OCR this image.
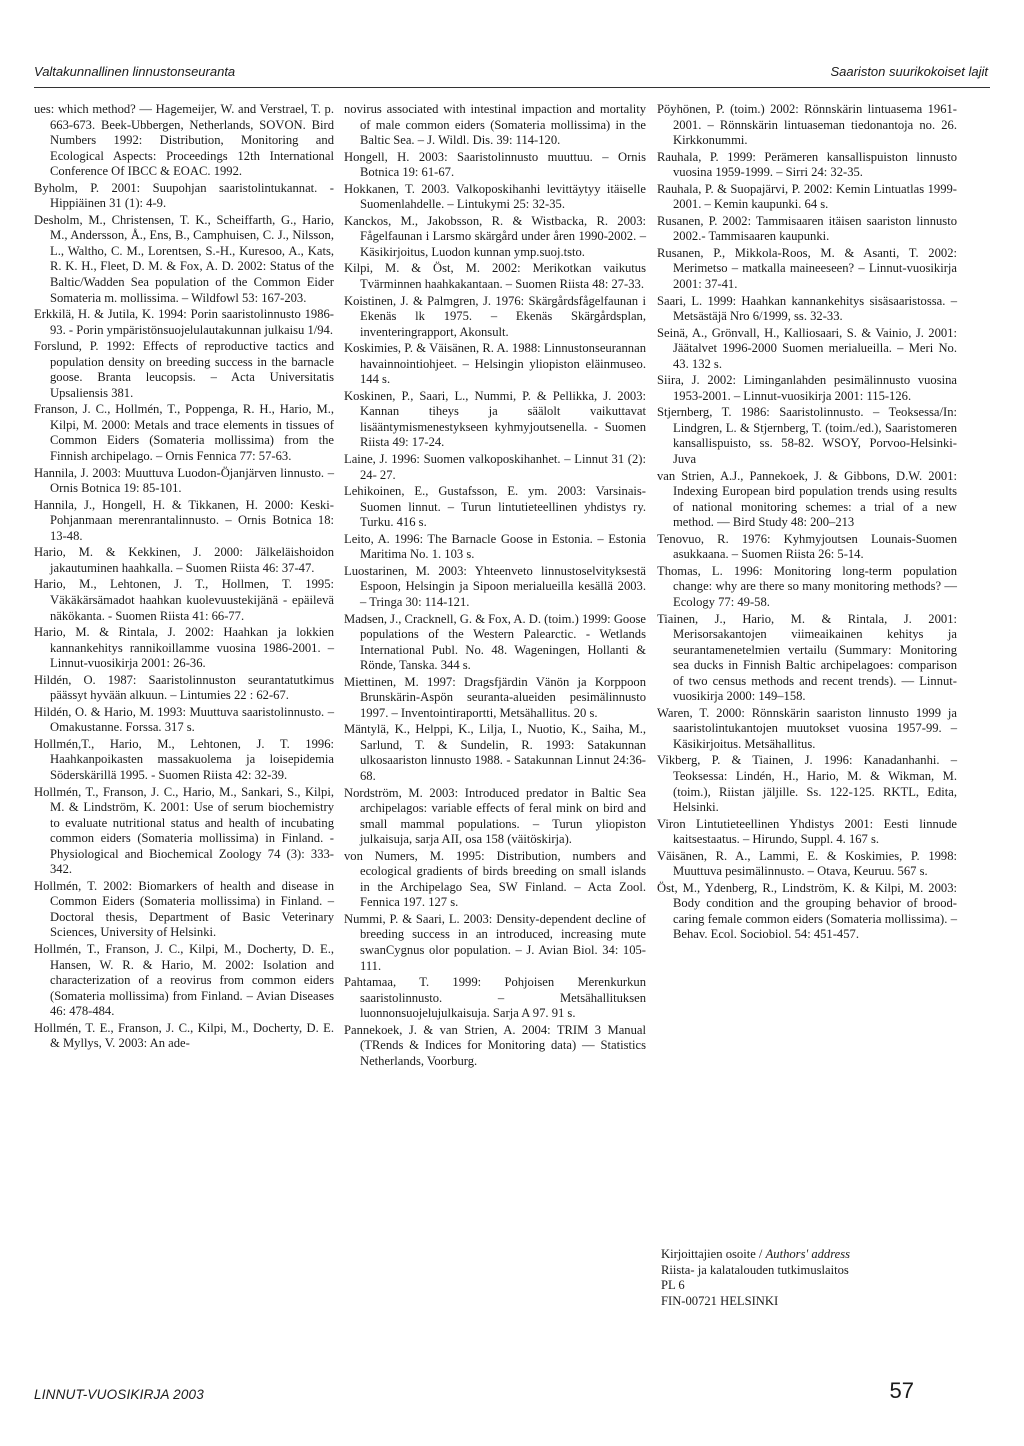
Valtakunnallinen linnustonseuranta	Saariston suurikokoiset lajit

ues: which method? — Hagemeijer, W. and Verstrael, T. p. 663-673. Beek-Ubbergen, Netherlands, SOVON. Bird Numbers 1992: Distribution, Monitoring and Ecological Aspects: Proceedings 12th International Conference Of IBCC & EOAC. 1992.

Byholm, P. 2001: Suupohjan saaristolintukannat. - Hippiäinen 31 (1): 4-9.

Desholm, M., Christensen, T. K., Scheiffarth, G., Hario, M., Andersson, Å., Ens, B., Camphuisen, C. J., Nilsson, L., Waltho, C. M., Lorentsen, S.-H., Kuresoo, A., Kats, R. K. H., Fleet, D. M. & Fox, A. D. 2002: Status of the Baltic/Wadden Sea population of the Common Eider Somateria m. mollissima. – Wildfowl 53: 167-203.

Erkkilä, H. & Jutila, K. 1994: Porin saaristolinnusto 1986-93. - Porin ympäristönsuojelulautakunnan julkaisu 1/94.

Forslund, P. 1992: Effects of reproductive tactics and population density on breeding success in the barnacle goose. Branta leucopsis. – Acta Universitatis Upsaliensis 381.

Franson, J. C., Hollmén, T., Poppenga, R. H., Hario, M., Kilpi, M. 2000: Metals and trace elements in tissues of Common Eiders (Somateria mollissima) from the Finnish archipelago. – Ornis Fennica 77: 57-63.

Hannila, J. 2003: Muuttuva Luodon-Öjanjärven linnusto. – Ornis Botnica 19: 85-101.

Hannila, J., Hongell, H. & Tikkanen, H. 2000: Keski-Pohjanmaan merenrantalinnusto. – Ornis Botnica 18: 13-48.

Hario, M. & Kekkinen, J. 2000: Jälkeläishoidon jakautuminen haahkalla. – Suomen Riista 46: 37-47.

Hario, M., Lehtonen, J. T., Hollmen, T. 1995: Väkäkärsämadot haahkan kuolevuustekijänä - epäilevä näkökanta. - Suomen Riista 41: 66-77.

Hario, M. & Rintala, J. 2002: Haahkan ja lokkien kannankehitys rannikoillamme vuosina 1986-2001. – Linnut-vuosikirja 2001: 26-36.

Hildén, O. 1987: Saaristolinnuston seurantatutkimus päässyt hyvään alkuun. – Lintumies 22 : 62-67.

Hildén, O. & Hario, M. 1993: Muuttuva saaristolinnusto. – Omakustanne. Forssa. 317 s.

Hollmén,T., Hario, M., Lehtonen, J. T. 1996: Haahkanpoikasten massakuolema ja loisepidemia Söderskärillä 1995. - Suomen Riista 42: 32-39.

Hollmén, T., Franson, J. C., Hario, M., Sankari, S., Kilpi, M. & Lindström, K. 2001: Use of serum biochemistry to evaluate nutritional status and health of incubating common eiders (Somateria mollissima) in Finland. - Physiological and Biochemical Zoology 74 (3): 333-342.

Hollmén, T. 2002: Biomarkers of health and disease in Common Eiders (Somateria mollissima) in Finland. – Doctoral thesis, Department of Basic Veterinary Sciences, University of Helsinki.

Hollmén, T., Franson, J. C., Kilpi, M., Docherty, D. E., Hansen, W. R. & Hario, M. 2002: Isolation and characterization of a reovirus from common eiders (Somateria mollissima) from Finland. – Avian Diseases 46: 478-484.

Hollmén, T. E., Franson, J. C., Kilpi, M., Docherty, D. E. & Myllys, V. 2003: An ade-

novirus associated with intestinal impaction and mortality of male common eiders (Somateria mollissima) in the Baltic Sea. – J. Wildl. Dis. 39: 114-120.

Hongell, H. 2003: Saaristolinnusto muuttuu. – Ornis Botnica 19: 61-67.

Hokkanen, T. 2003. Valkoposkihanhi levittäytyy itäiselle Suomenlahdelle. – Lintukymi 25: 32-35.

Kanckos, M., Jakobsson, R. & Wistbacka, R. 2003: Fågelfaunan i Larsmo skärgård under åren 1990-2002. – Käsikirjoitus, Luodon kunnan ymp.suoj.tsto.

Kilpi, M. & Öst, M. 2002: Merikotkan vaikutus Tvärminnen haahkakantaan. – Suomen Riista 48: 27-33.

Koistinen, J. & Palmgren, J. 1976: Skärgårdsfågelfaunan i Ekenäs lk 1975. – Ekenäs Skärgårdsplan, inventeringrapport, Akonsult.

Koskimies, P. & Väisänen, R. A. 1988: Linnustonseurannan havainnointiohjeet. – Helsingin yliopiston eläinmuseo. 144 s.

Koskinen, P., Saari, L., Nummi, P. & Pellikka, J. 2003: Kannan tiheys ja säälolt vaikuttavat lisääntymismenestykseen kyhmyjoutsenella. - Suomen Riista 49: 17-24.

Laine, J. 1996: Suomen valkoposkihanhet. – Linnut 31 (2): 24- 27.

Lehikoinen, E., Gustafsson, E. ym. 2003: Varsinais-Suomen linnut. – Turun lintutieteellinen yhdistys ry. Turku. 416 s.

Leito, A. 1996: The Barnacle Goose in Estonia. – Estonia Maritima No. 1. 103 s.

Luostarinen, M. 2003: Yhteenveto linnustoselvityksestä Espoon, Helsingin ja Sipoon merialueilla kesällä 2003. – Tringa 30: 114-121.

Madsen, J., Cracknell, G. & Fox, A. D. (toim.) 1999: Goose populations of the Western Palearctic. - Wetlands International Publ. No. 48. Wageningen, Hollanti & Rönde, Tanska. 344 s.

Miettinen, M. 1997: Dragsfjärdin Vänön ja Korppoon Brunskärin-Aspön seuranta-alueiden pesimälinnusto 1997. – Inventointiraportti, Metsähallitus. 20 s.

Mäntylä, K., Helppi, K., Lilja, I., Nuotio, K., Saiha, M., Sarlund, T. & Sundelin, R. 1993: Satakunnan ulkosaariston linnusto 1988. - Satakunnan Linnut 24:36-68.

Nordström, M. 2003: Introduced predator in Baltic Sea archipelagos: variable effects of feral mink on bird and small mammal populations. – Turun yliopiston julkaisuja, sarja AII, osa 158 (väitöskirja).

von Numers, M. 1995: Distribution, numbers and ecological gradients of birds breeding on small islands in the Archipelago Sea, SW Finland. – Acta Zool. Fennica 197. 127 s.

Nummi, P. & Saari, L. 2003: Density-dependent decline of breeding success in an introduced, increasing mute swanCygnus olor population. – J. Avian Biol. 34: 105-111.

Pahtamaa, T. 1999: Pohjoisen Merenkurkun saaristolinnusto. – Metsähallituksen luonnonsuojelujulkaisuja. Sarja A 97. 91 s.

Pannekoek, J. & van Strien, A. 2004: TRIM 3 Manual (TRends & Indices for Monitoring data) — Statistics Netherlands, Voorburg.

Pöyhönen, P. (toim.) 2002: Rönnskärin lintuasema 1961-2001. – Rönnskärin lintuaseman tiedonantoja no. 26. Kirkkonummi.

Rauhala, P. 1999: Perämeren kansallispuiston linnusto vuosina 1959-1999. – Sirri 24: 32-35.

Rauhala, P. & Suopajärvi, P. 2002: Kemin Lintuatlas 1999-2001. – Kemin kaupunki. 64 s.

Rusanen, P. 2002: Tammisaaren itäisen saariston linnusto 2002.- Tammisaaren kaupunki.

Rusanen, P., Mikkola-Roos, M. & Asanti, T. 2002: Merimetso – matkalla maineeseen? – Linnut-vuosikirja 2001: 37-41.

Saari, L. 1999: Haahkan kannankehitys sisäsaaristossa. – Metsästäjä Nro 6/1999, ss. 32-33.

Seinä, A., Grönvall, H., Kalliosaari, S. & Vainio, J. 2001: Jäätalvet 1996-2000 Suomen merialueilla. – Meri No. 43. 132 s.

Siira, J. 2002: Liminganlahden pesimälinnusto vuosina 1953-2001. – Linnut-vuosikirja 2001: 115-126.

Stjernberg, T. 1986: Saaristolinnusto. – Teoksessa/In: Lindgren, L. & Stjernberg, T. (toim./ed.), Saaristomeren kansallispuisto, ss. 58-82. WSOY, Porvoo-Helsinki-Juva

van Strien, A.J., Pannekoek, J. & Gibbons, D.W. 2001: Indexing European bird population trends using results of national monitoring schemes: a trial of a new method. — Bird Study 48: 200–213

Tenovuo, R. 1976: Kyhmyjoutsen Lounais-Suomen asukkaana. – Suomen Riista 26: 5-14.

Thomas, L. 1996: Monitoring long-term population change: why are there so many monitoring methods? — Ecology 77: 49-58.

Tiainen, J., Hario, M. & Rintala, J. 2001: Merisorsakantojen viimeaikainen kehitys ja seurantamenetelmien vertailu (Summary: Monitoring sea ducks in Finnish Baltic archipelagoes: comparison of two census methods and recent trends). — Linnut-vuosikirja 2000: 149–158.

Waren, T. 2000: Rönnskärin saariston linnusto 1999 ja saaristolintukantojen muutokset vuosina 1957-99. – Käsikirjoitus. Metsähallitus.

Vikberg, P. & Tiainen, J. 1996: Kanadanhanhi. – Teoksessa: Lindén, H., Hario, M. & Wikman, M. (toim.), Riistan jäljille. Ss. 122-125. RKTL, Edita, Helsinki.

Viron Lintutieteellinen Yhdistys 2001: Eesti linnude kaitsestaatus. – Hirundo, Suppl. 4. 167 s.

Väisänen, R. A., Lammi, E. & Koskimies, P. 1998: Muuttuva pesimälinnusto. – Otava, Keuruu. 567 s.

Öst, M., Ydenberg, R., Lindström, K. & Kilpi, M. 2003: Body condition and the grouping behavior of brood-caring female common eiders (Somateria mollissima). – Behav. Ecol. Sociobiol. 54: 451-457.

Kirjoittajien osoite / Authors' address
Riista- ja kalatalouden tutkimuslaitos
PL 6
FIN-00721 HELSINKI
LINNUT-VUOSIKIRJA 2003	57
